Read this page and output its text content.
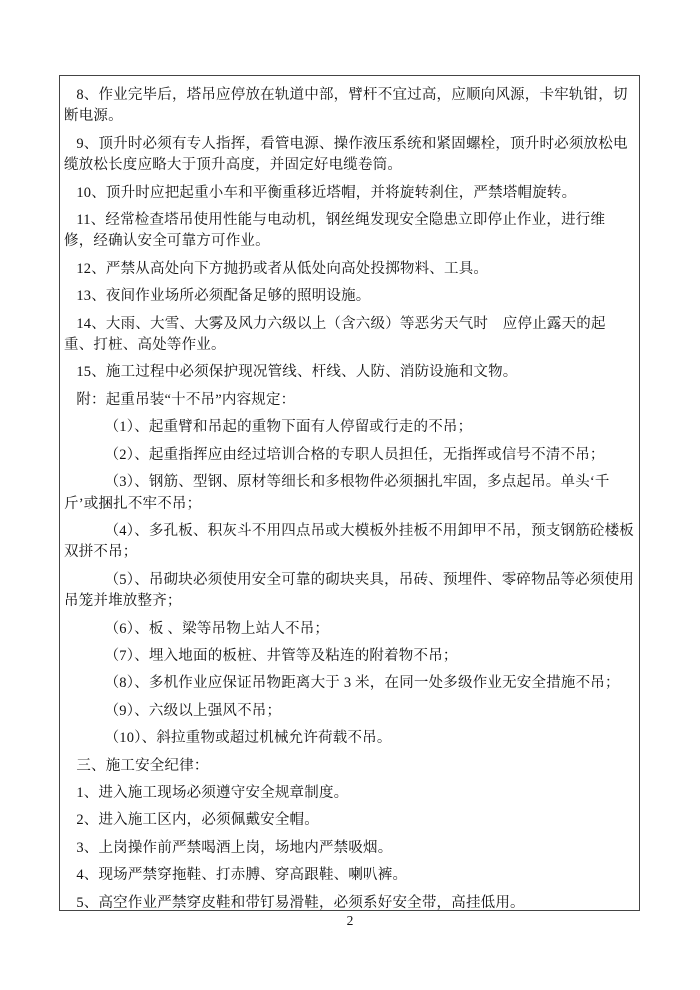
8、作业完毕后，塔吊应停放在轨道中部，臂杆不宜过高，应顺向风源，卡牢轨钳，切断电源。

9、顶升时必须有专人指挥，看管电源、操作液压系统和紧固螺栓，顶升时必须放松电缆放松长度应略大于顶升高度，并固定好电缆卷筒。

10、顶升时应把起重小车和平衡重移近塔帽，并将旋转刹住，严禁塔帽旋转。

11、经常检查塔吊使用性能与电动机，钢丝绳发现安全隐患立即停止作业，进行维修，经确认安全可靠方可作业。

12、严禁从高处向下方抛扔或者从低处向高处投掷物料、工具。

13、夜间作业场所必须配备足够的照明设施。

14、大雨、大雪、大雾及风力六级以上（含六级）等恶劣天气时　应停止露天的起重、打桩、高处等作业。

15、施工过程中必须保护现况管线、杆线、人防、消防设施和文物。

附：起重吊装“十不吊”内容规定：

（1）、起重臂和吊起的重物下面有人停留或行走的不吊；

（2）、起重指挥应由经过培训合格的专职人员担任，无指挥或信号不清不吊；

（3）、钢筋、型钢、原材等细长和多根物件必须捆扎牢固，多点起吊。单头‘千斤’或捆扎不牢不吊；

（4）、多孔板、积灰斗不用四点吊或大模板外挂板不用卸甲不吊，预支钢筋砼楼板双拼不吊；

（5）、吊砌块必须使用安全可靠的砌块夹具，吊砖、预埋件、零碎物品等必须使用吊笼并堆放整齐；

（6）、板 、梁等吊物上站人不吊；

（7）、埋入地面的板桩、井管等及粘连的附着物不吊；

（8）、多机作业应保证吊物距离大于 3 米，在同一处多级作业无安全措施不吊；

（9）、六级以上强风不吊；

（10）、斜拉重物或超过机械允许荷载不吊。

三、施工安全纪律：

1、进入施工现场必须遵守安全规章制度。

2、进入施工区内，必须佩戴安全帽。

3、上岗操作前严禁喝酒上岗，场地内严禁吸烟。

4、现场严禁穿拖鞋、打赤膊、穿高跟鞋、喇叭裤。

5、高空作业严禁穿皮鞋和带钉易滑鞋，必须系好安全带，高挂低用。

2
